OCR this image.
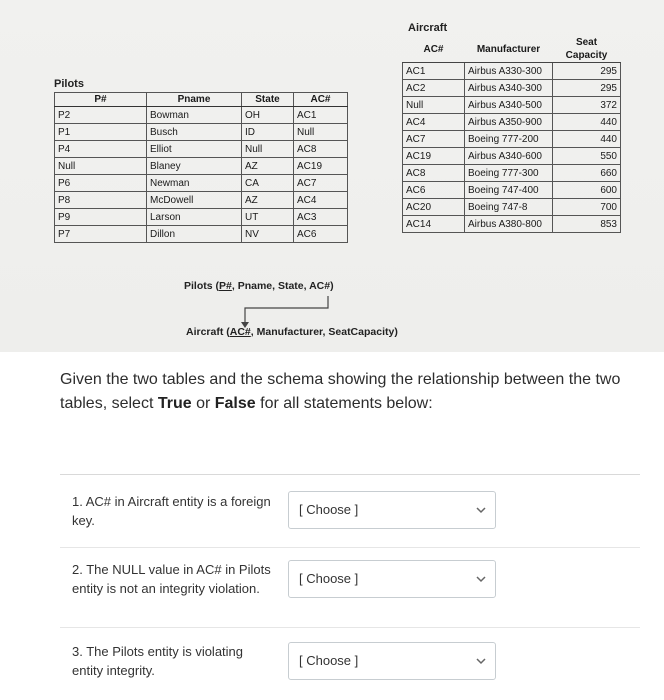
Pilots
P#	Pname	State	AC#
P2	Bowman	OH	AC1
P1	Busch	ID	Null
P4	Elliot	Null	AC8
Null	Blaney	AZ	AC19
P6	Newman	CA	AC7
P8	McDowell	AZ	AC4
P9	Larson	UT	AC3
P7	Dillon	NV	AC6
Aircraft
AC#	Manufacturer	Seat Capacity
AC1	Airbus A330-300	295
AC2	Airbus A340-300	295
Null	Airbus A340-500	372
AC4	Airbus A350-900	440
AC7	Boeing 777-200	440
AC19	Airbus A340-600	550
AC8	Boeing 777-300	660
AC6	Boeing 747-400	600
AC20	Boeing 747-8	700
AC14	Airbus A380-800	853
Pilots (P#, Pname, State, AC#)
Aircraft (AC#, Manufacturer, SeatCapacity)
Given the two tables and the schema showing the relationship between the two tables, select True or False for all statements below:
1. AC# in Aircraft entity is a foreign key.
[ Choose ]
2. The NULL value in AC# in Pilots entity is not an integrity violation.
[ Choose ]
3. The Pilots entity is violating entity integrity.
[ Choose ]
